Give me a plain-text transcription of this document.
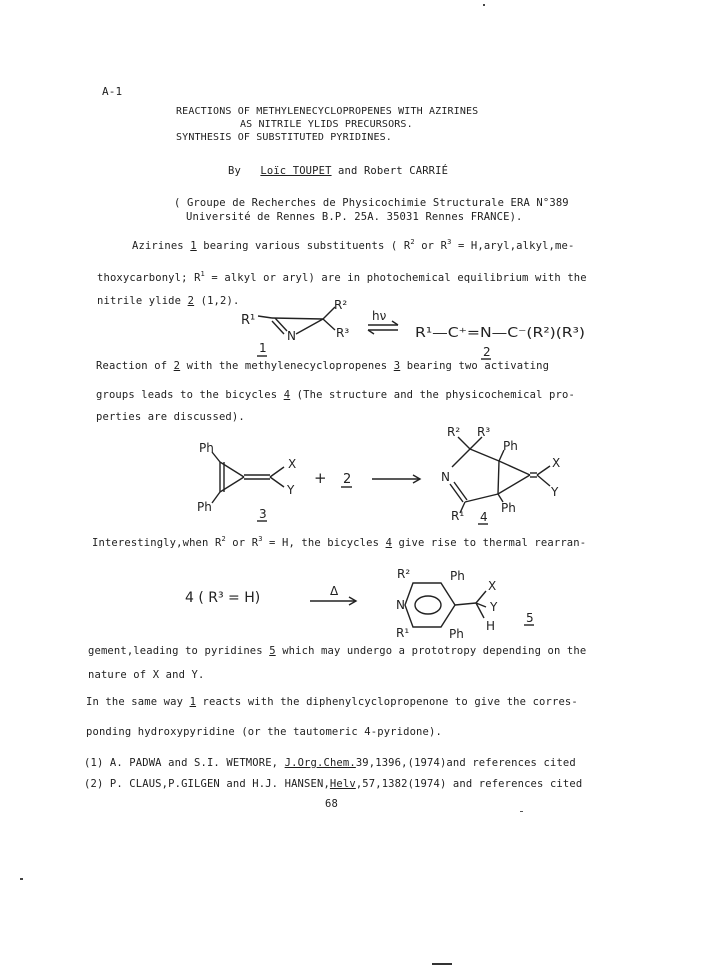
A-1
REACTIONS OF METHYLENECYCLOPROPENES WITH AZIRINES
AS NITRILE YLIDS PRECURSORS.
SYNTHESIS OF SUBSTITUTED PYRIDINES.
By Loïc TOUPET and Robert CARRIÉ
( Groupe de Recherches de Physicochimie Structurale ERA N°389
Université de Rennes B.P. 25A. 35031 Rennes FRANCE).
Azirines 1 bearing various substituents ( $R^2$ or $R^3$ = H,aryl,alkyl,me-
thoxycarbonyl; $R^1$ = alkyl or aryl) are in photochemical equilibrium with the
nitrile ylide 2 (1,2).
R¹
N
R²
R³
1
hν
R¹—C⁺=N—C⁻(R²)(R³)
2
Reaction of 2 with the methylenecyclopropenes 3 bearing two activating
groups leads to the bicycles 4 (The structure and the physicochemical pro-
perties are discussed).
Ph
Ph
X
Y
3
+ 2
R² R³
N
R¹
Ph
Ph
X
Y
4
Interestingly,when $R^2$ or $R^3 = H$, the bicycles 4 give rise to thermal rearran-
4 ( R³ = H)	Δ
R²	Ph
N
R¹	Ph
X
Y
H
5
gement,leading to pyridines 5 which may undergo a prototropy depending on the
nature of X and Y.
In the same way 1 reacts with the diphenylcyclopropenone to give the corres-
ponding hydroxypyridine (or the tautomeric 4-pyridone).
(1) A. PADWA and S.I. WETMORE, J.Org.Chem.39,1396,(1974)and references cited
(2) P. CLAUS,P.GILGEN and H.J. HANSEN,Helv,57,1382(1974) and references cited
68
